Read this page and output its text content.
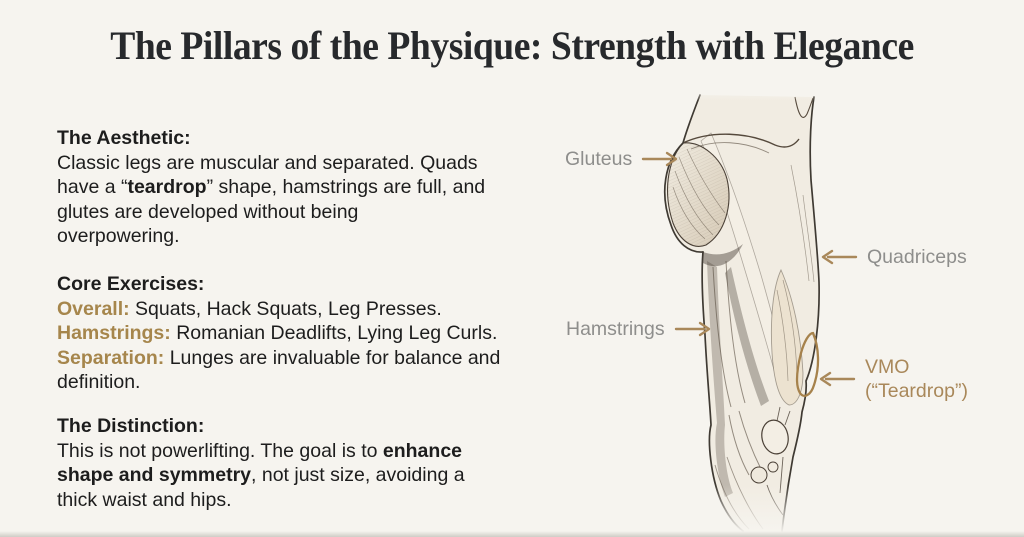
The Pillars of the Physique: Strength with Elegance
The Aesthetic:
Classic legs are muscular and separated. Quads
have a “teardrop” shape, hamstrings are full, and
glutes are developed without being
overpowering.
Core Exercises:
Overall: Squats, Hack Squats, Leg Presses.
Hamstrings: Romanian Deadlifts, Lying Leg Curls.
Separation: Lunges are invaluable for balance and
definition.
The Distinction:
This is not powerlifting. The goal is to enhance
shape and symmetry, not just size, avoiding a
thick waist and hips.
Gluteus
Quadriceps
Hamstrings
VMO
(“Teardrop”)
